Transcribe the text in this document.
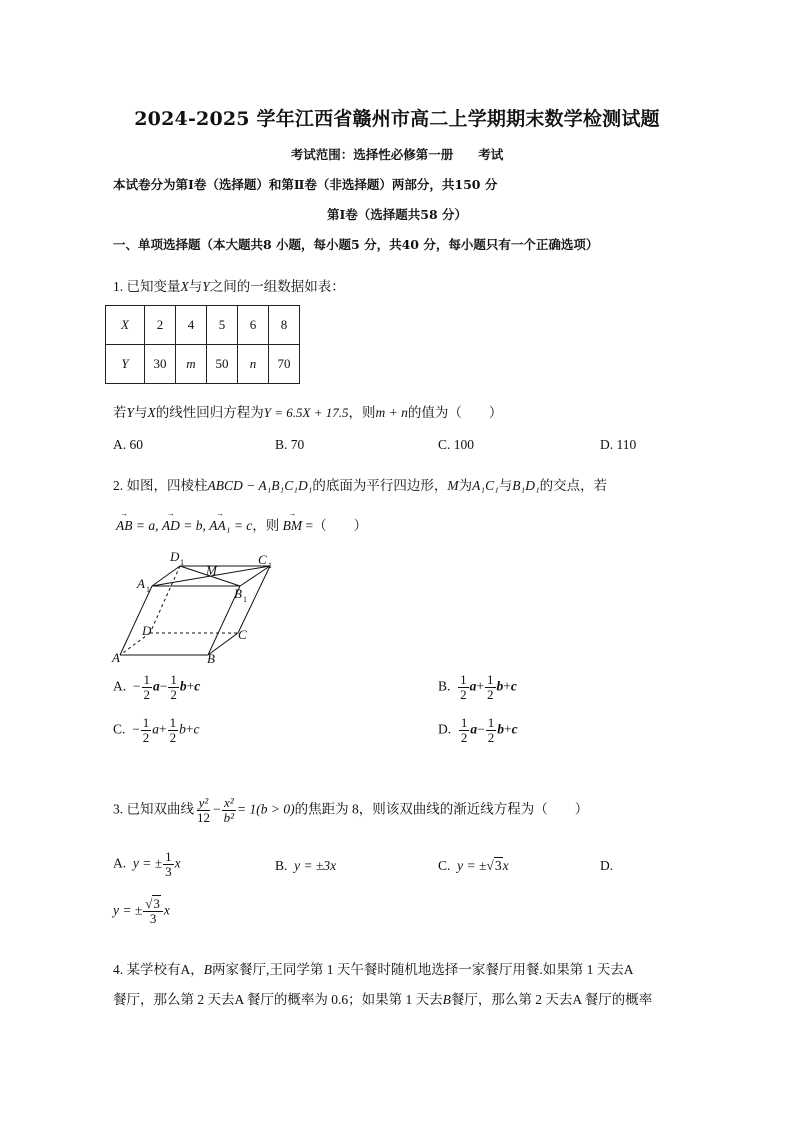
2024-2025 学年江西省赣州市高二上学期期末数学检测试题
考试范围：选择性必修第一册　　考试
本试卷分为第Ⅰ卷（选择题）和第Ⅱ卷（非选择题）两部分，共150 分
第Ⅰ卷（选择题共58 分）
一、单项选择题（本大题共8 小题，每小题5 分，共40 分，每小题只有一个正确选项）
1. 已知变量X与Y之间的一组数据如表：
X	2	4	5	6	8
Y	30	m	50	n	70
若Y与X的线性回归方程为Y = 6.5X + 17.5，则m + n的值为（　　）
A. 60	B. 70	C. 100	D. 110
2. 如图，四棱柱ABCD − A₁B₁C₁D₁的底面为平行四边形，M为A₁C₁与B₁D₁的交点，若
→
AB = a,
→
AD = b,
→
AA₁ = c，则
→
BM =（　　）
D 1	C 1
A 1
M
B 1
D	C
A	B
A. − $\frac{1}{2} a- \frac{1}{2} b+c$	B. $\frac{1}{2} a+ \frac{1}{2} b+c$
C. − $\frac{1}{2} a+ \frac{1}{2} b+c$	D. $\frac{1}{2} a- \frac{1}{2} b+c$
3. 已知双曲线 $\frac{\text{y²}}{12} - \frac{\text{x²}}{\text{b²}} = 1(b > 0)$的焦距为 8，则该双曲线的渐近线方程为（　　）
A. y = ± $\frac{1}{3}$ x	B. y = ±3x	C. y = ±√3x	D.
y = ± $\frac{√3}{3}$ x
4. 某学校有A，B两家餐厅,王同学第 1 天午餐时随机地选择一家餐厅用餐.如果第 1 天去A
餐厅，那么第 2 天去A 餐厅的概率为 0.6；如果第 1 天去B餐厅，那么第 2 天去A 餐厅的概率
